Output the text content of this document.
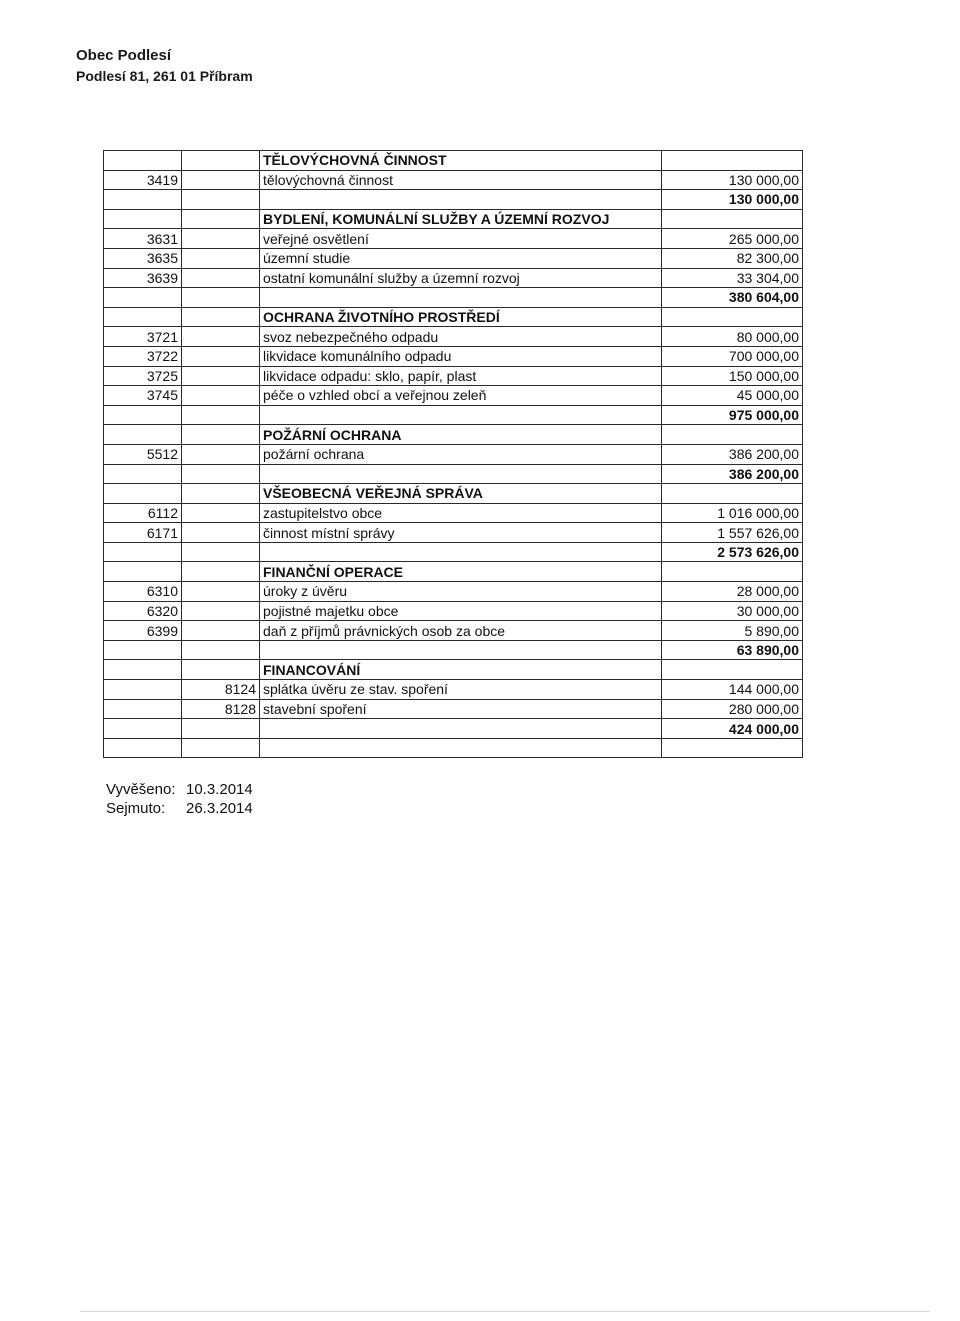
Obec Podlesí
Podlesí 81, 261 01 Příbram
		TĚLOVÝCHOVNÁ ČINNOST	
3419		tělovýchovná činnost	130 000,00
			130 000,00
		BYDLENÍ, KOMUNÁLNÍ SLUŽBY A ÚZEMNÍ ROZVOJ	
3631		veřejné osvětlení	265 000,00
3635		územní studie	82 300,00
3639		ostatní komunální služby a územní rozvoj	33 304,00
			380 604,00
		OCHRANA ŽIVOTNÍHO PROSTŘEDÍ	
3721		svoz nebezpečného odpadu	80 000,00
3722		likvidace komunálního odpadu	700 000,00
3725		likvidace odpadu: sklo, papír, plast	150 000,00
3745		péče o vzhled obcí a veřejnou zeleň	45 000,00
			975 000,00
		POŽÁRNÍ OCHRANA	
5512		požární ochrana	386 200,00
			386 200,00
		VŠEOBECNÁ VEŘEJNÁ SPRÁVA	
6112		zastupitelstvo obce	1 016 000,00
6171		činnost místní správy	1 557 626,00
			2 573 626,00
		FINANČNÍ OPERACE	
6310		úroky z úvěru	28 000,00
6320		pojistné majetku obce	30 000,00
6399		daň z příjmů právnických osob za obce	5 890,00
			63 890,00
		FINANCOVÁNÍ	
	8124	splátka úvěru ze stav. spoření	144 000,00
	8128	stavební spoření	280 000,00
			424 000,00

Vyvěšeno: 10.3.2014
Sejmuto: 26.3.2014
